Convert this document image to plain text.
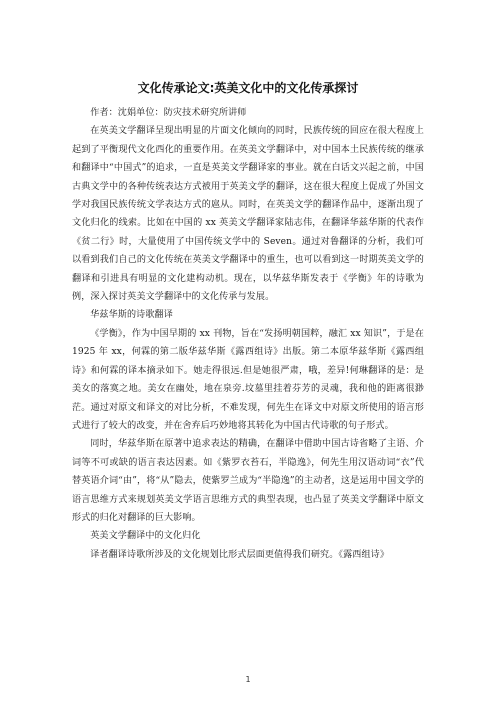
文化传承论文:英美文化中的文化传承探讨

作者：沈娟单位：防灾技术研究所讲师

在英美文学翻译呈现出明显的片面文化倾向的同时，民族传统的回应在很大程度上起到了平衡现代文化西化的重要作用。在英美文学翻译中，对中国本土民族传统的继承和翻译中“中国式”的追求，一直是英美文学翻译家的事业。就在白话文兴起之前，中国古典文学中的各种传统表达方式被用于英美文学的翻译，这在很大程度上促成了外国文学对我国民族传统文学表达方式的扈从。同时，在英美文学的翻译作品中，逐渐出现了文化归化的线索。比如在中国的 xx 英美文学翻译家陆志伟，在翻译华兹华斯的代表作《贫二行》时，大量使用了中国传统文学中的 Seven。通过对鲁翻译的分析，我们可以看到我们自己的文化传统在英美文学翻译中的重生，也可以看到这一时期英美文学的翻译和引进具有明显的文化建构动机。现在，以华兹华斯发表于《学衡》年的诗歌为例，深入探讨英美文学翻译中的文化传承与发展。

华兹华斯的诗歌翻译

《学衡》，作为中国早期的 xx 刊物，旨在“发扬明朝国粹，融汇 xx 知识”，于是在 1925 年 xx，何霖的第二版华兹华斯《露西组诗》出版。第二本原华兹华斯《露西组诗》和何霖的译本摘录如下。她走得很远.但是她很严肃，哦，差异!何琳翻译的是：是美女的落寞之地。美女在幽处，地在泉旁.坟墓里挂着芬芳的灵魂，我和他的距离很渺茫。通过对原文和译文的对比分析，不难发现，何先生在译文中对原文所使用的语言形式进行了较大的改变，并在舍弃后巧妙地将其转化为中国古代诗歌的句子形式。

同时，华兹华斯在原著中追求表达的精确，在翻译中借助中国古诗省略了主语、介词等不可或缺的语言表达因素。如《紫罗衣苔石，半隐逸》，何先生用汉语动词“衣”代替英语介词“由”，将“从”隐去，使紫罗兰成为“半隐逸”的主动者，这是运用中国文学的语言思维方式来规划英美文学语言思维方式的典型表现，也凸显了英美文学翻译中原文形式的归化对翻译的巨大影响。

英美文学翻译中的文化归化

译者翻译诗歌所涉及的文化规划比形式层面更值得我们研究。《露西组诗》

1
